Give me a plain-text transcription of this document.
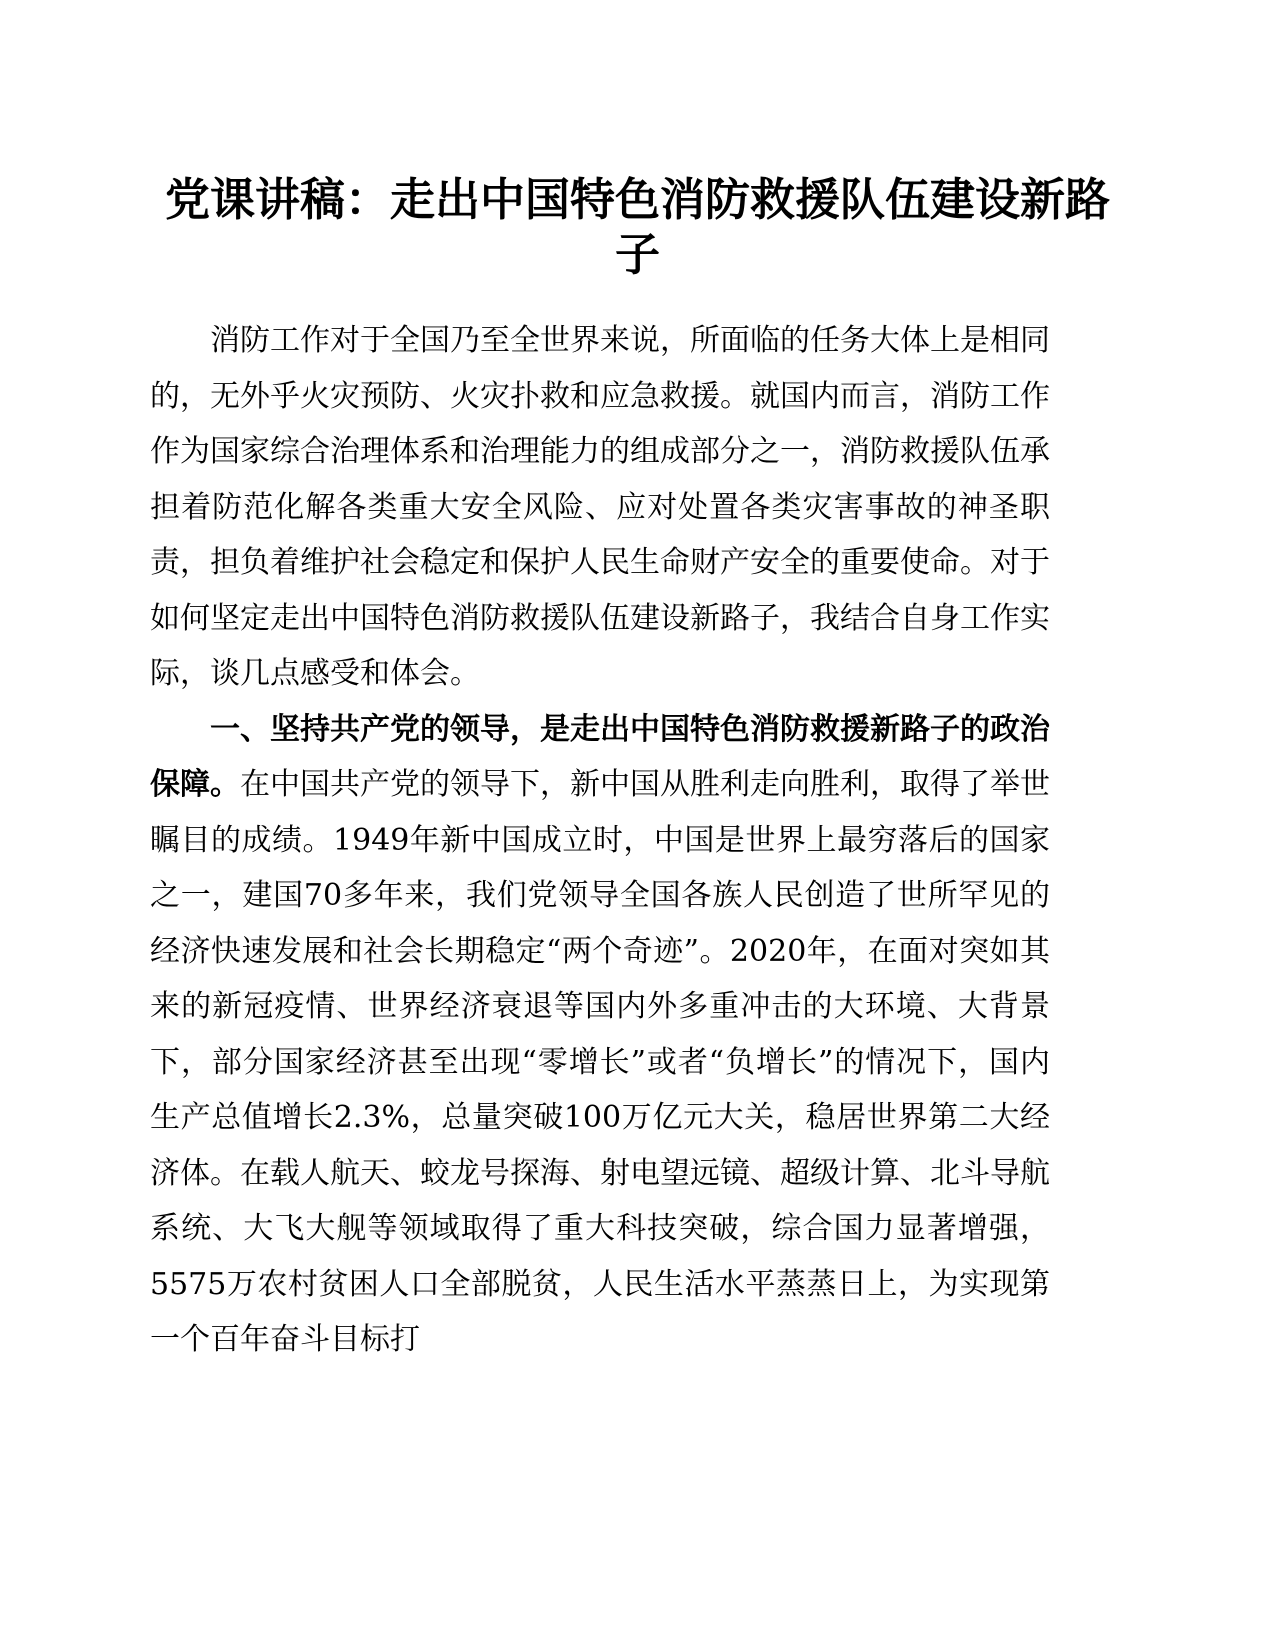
党课讲稿：走出中国特色消防救援队伍建设新路子

消防工作对于全国乃至全世界来说，所面临的任务大体上是相同的，无外乎火灾预防、火灾扑救和应急救援。就国内而言，消防工作作为国家综合治理体系和治理能力的组成部分之一，消防救援队伍承担着防范化解各类重大安全风险、应对处置各类灾害事故的神圣职责，担负着维护社会稳定和保护人民生命财产安全的重要使命。对于如何坚定走出中国特色消防救援队伍建设新路子，我结合自身工作实际，谈几点感受和体会。

一、坚持共产党的领导，是走出中国特色消防救援新路子的政治保障。在中国共产党的领导下，新中国从胜利走向胜利，取得了举世瞩目的成绩。1949年新中国成立时，中国是世界上最穷落后的国家之一，建国70多年来，我们党领导全国各族人民创造了世所罕见的经济快速发展和社会长期稳定“两个奇迹”。2020年，在面对突如其来的新冠疫情、世界经济衰退等国内外多重冲击的大环境、大背景下，部分国家经济甚至出现“零增长”或者“负增长”的情况下，国内生产总值增长2.3%，总量突破100万亿元大关，稳居世界第二大经济体。在载人航天、蛟龙号探海、射电望远镜、超级计算、北斗导航系统、大飞大舰等领域取得了重大科技突破，综合国力显著增强，5575万农村贫困人口全部脱贫，人民生活水平蒸蒸日上，为实现第一个百年奋斗目标打
